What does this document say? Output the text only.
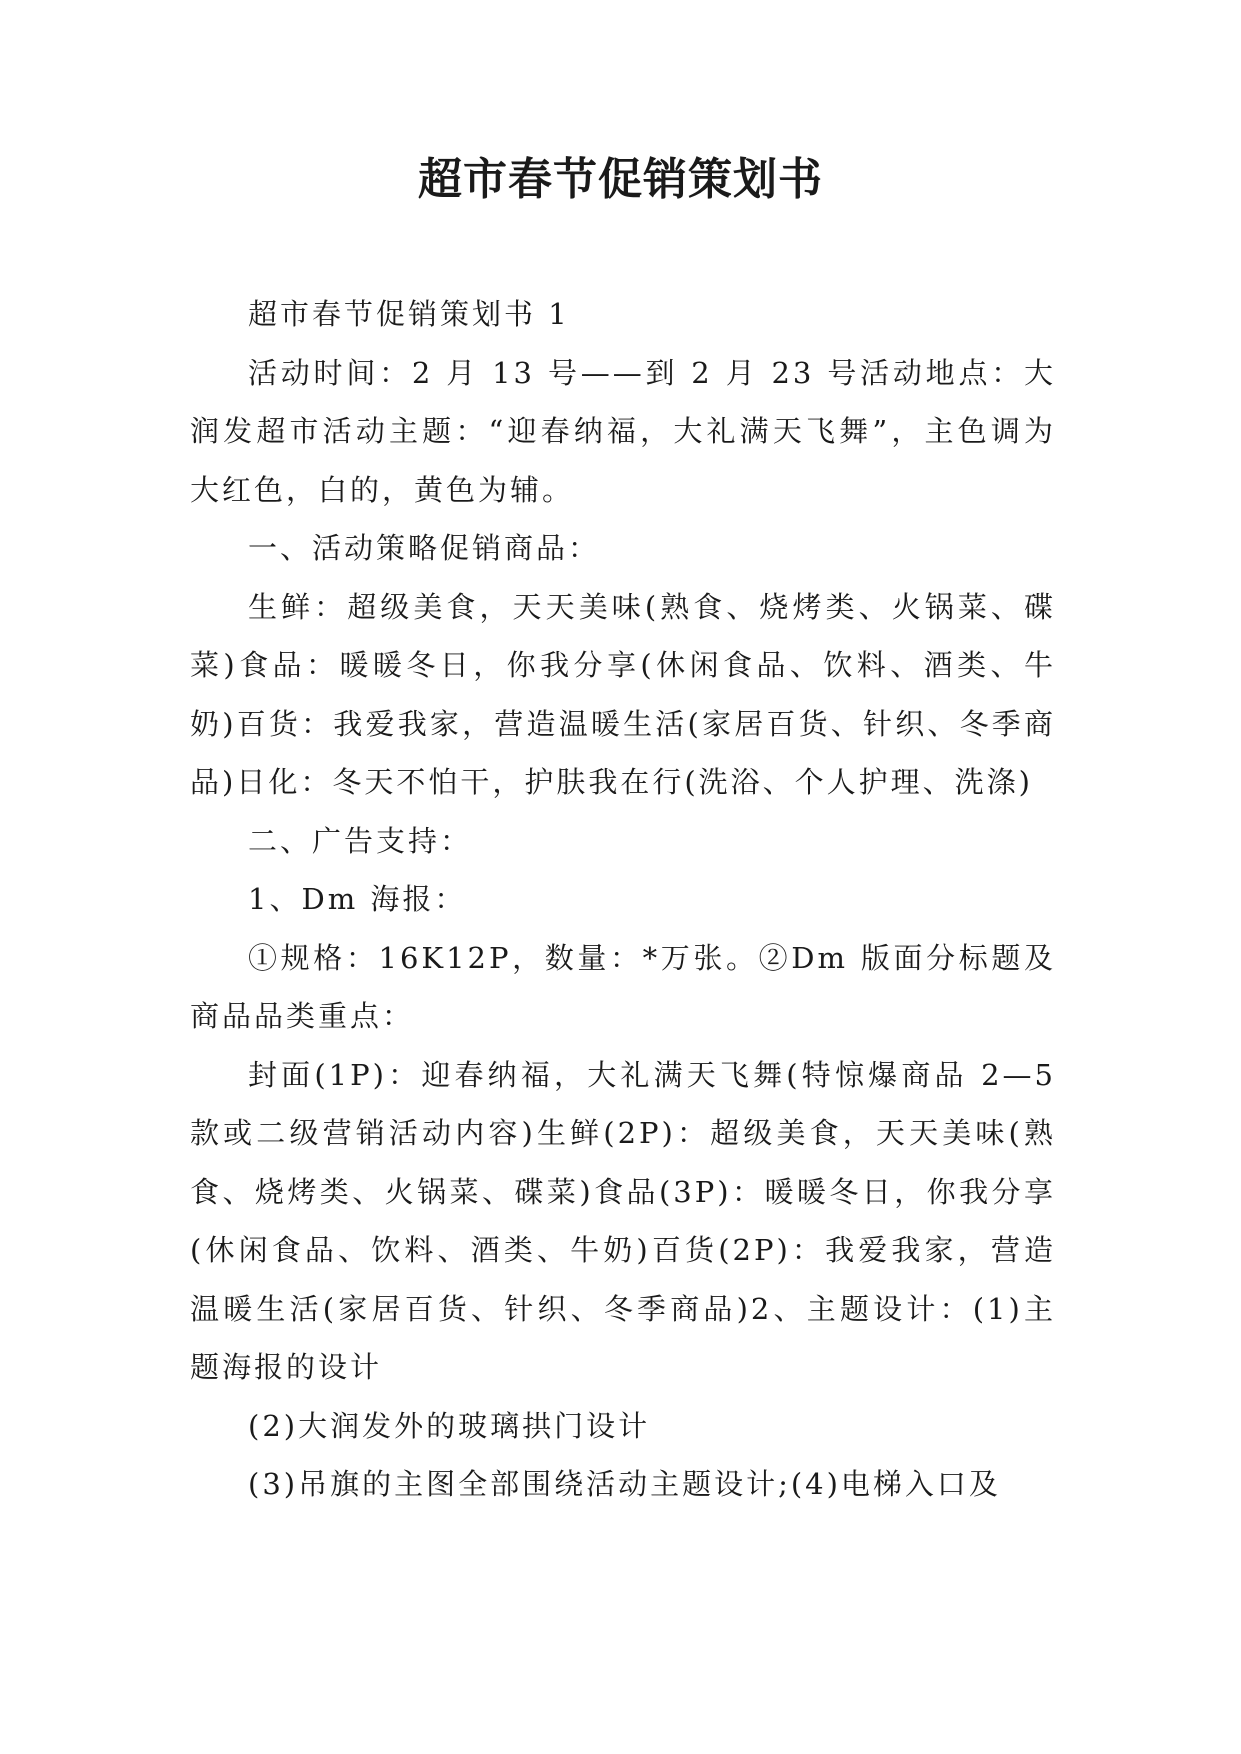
超市春节促销策划书

超市春节促销策划书 1

活动时间：2 月 13 号——到 2 月 23 号活动地点：大润发超市活动主题：“迎春纳福，大礼满天飞舞”，主色调为大红色，白的，黄色为辅。

一、活动策略促销商品：

生鲜：超级美食，天天美味(熟食、烧烤类、火锅菜、碟菜)食品：暖暖冬日，你我分享(休闲食品、饮料、酒类、牛奶)百货：我爱我家，营造温暖生活(家居百货、针织、冬季商品)日化：冬天不怕干，护肤我在行(洗浴、个人护理、洗涤)

二、广告支持：

1、Dm 海报：

①规格：16K12P，数量：*万张。②Dm 版面分标题及商品品类重点：

封面(1P)：迎春纳福，大礼满天飞舞(特惊爆商品 2—5 款或二级营销活动内容)生鲜(2P)：超级美食，天天美味(熟食、烧烤类、火锅菜、碟菜)食品(3P)：暖暖冬日，你我分享(休闲食品、饮料、酒类、牛奶)百货(2P)：我爱我家，营造温暖生活(家居百货、针织、冬季商品)2、主题设计：(1)主题海报的设计

(2)大润发外的玻璃拱门设计

(3)吊旗的主图全部围绕活动主题设计;(4)电梯入口及
